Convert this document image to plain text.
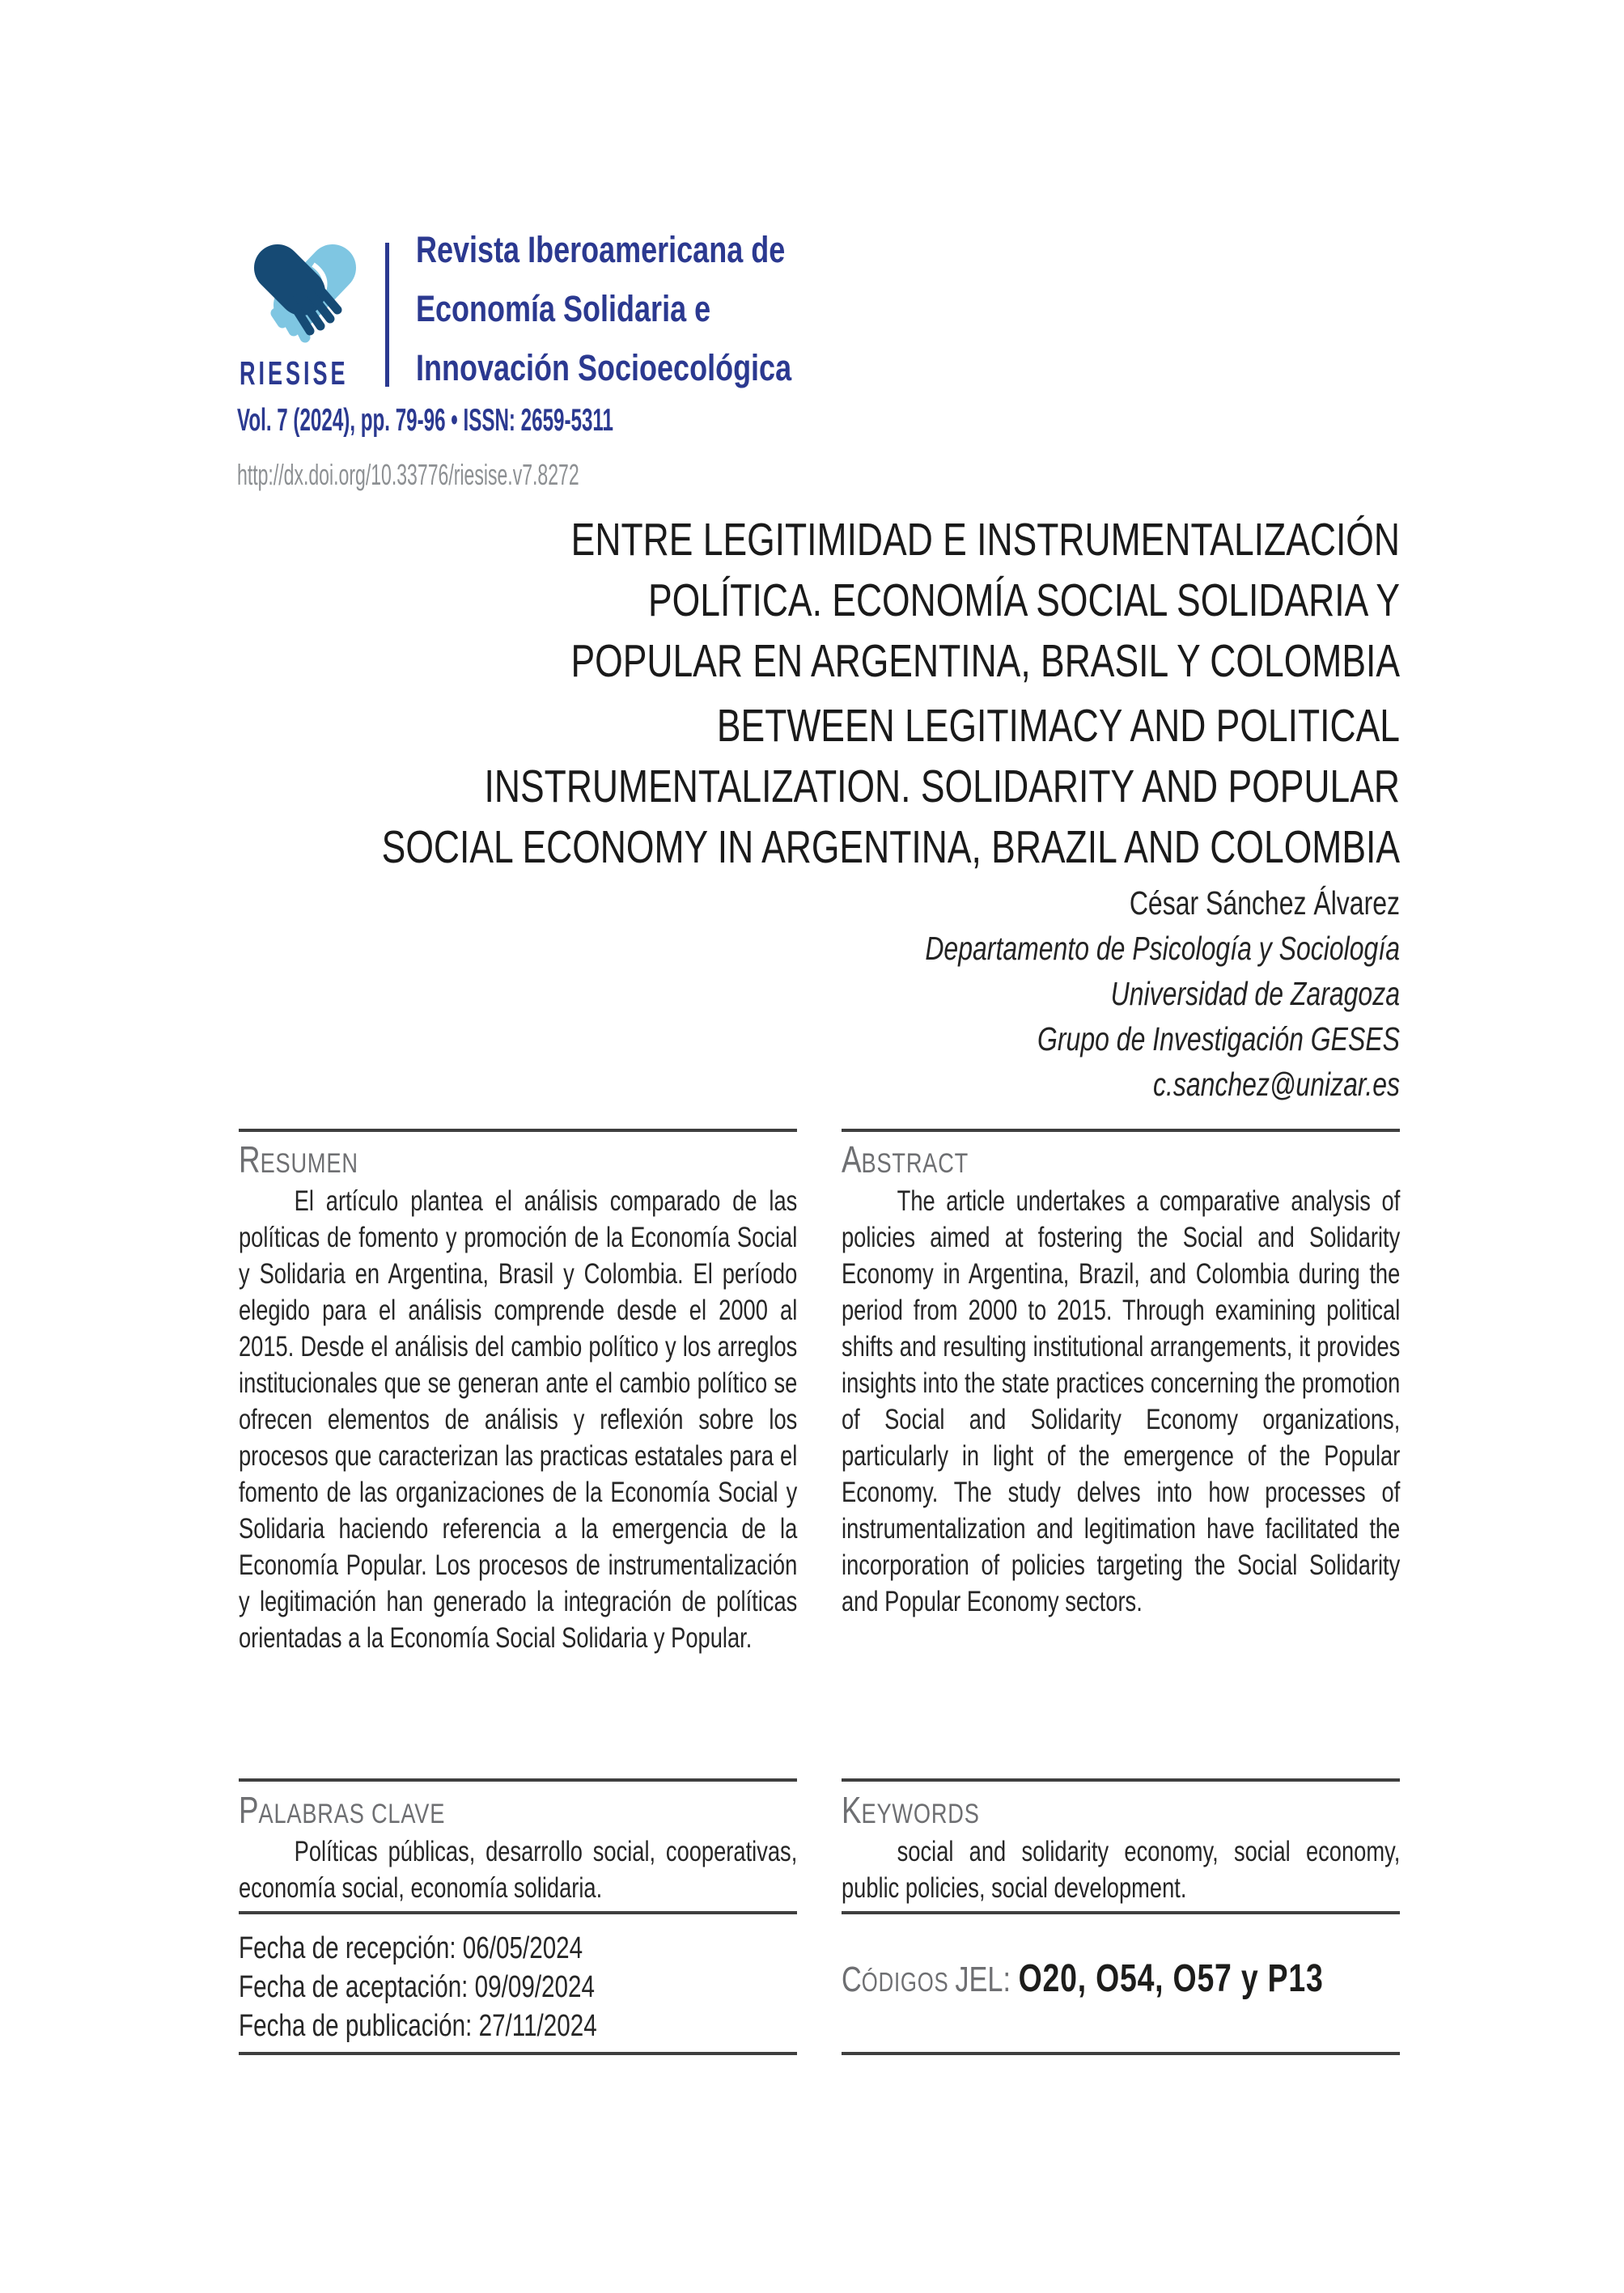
RIESISE
Revista Iberoamericana de
Economía Solidaria e
Innovación Socioecológica
Vol. 7 (2024), pp. 79-96 • ISSN: 2659-5311
http://dx.doi.org/10.33776/riesise.v7.8272
ENTRE LEGITIMIDAD E INSTRUMENTALIZACIÓN
POLÍTICA. ECONOMÍA SOCIAL SOLIDARIA Y
POPULAR EN ARGENTINA, BRASIL Y COLOMBIA
BETWEEN LEGITIMACY AND POLITICAL
INSTRUMENTALIZATION. SOLIDARITY AND POPULAR
SOCIAL ECONOMY IN ARGENTINA, BRAZIL AND COLOMBIA
César Sánchez Álvarez
Departamento de Psicología y Sociología
Universidad de Zaragoza
Grupo de Investigación GESES
c.sanchez@unizar.es
RESUMEN
El artículo plantea el análisis comparado de las políticas de fomento y promoción de la Economía Social y Solidaria en Argentina, Brasil y Colombia. El período elegido para el análisis comprende desde el 2000 al 2015. Desde el análisis del cambio político y los arreglos institucionales que se generan ante el cambio político se ofrecen elementos de análisis y reflexión sobre los procesos que caracterizan las practicas estatales para el fomento de las organizaciones de la Economía Social y Solidaria haciendo referencia a la emergencia de la Economía Popular. Los procesos de instrumentalización y legitimación han generado la integración de políticas orientadas a la Economía Social Solidaria y Popular.
ABSTRACT
The article undertakes a comparative analysis of policies aimed at fostering the Social and Solidarity Economy in Argentina, Brazil, and Colombia during the period from 2000 to 2015. Through examining political shifts and resulting institutional arrangements, it provides insights into the state practices concerning the promotion of Social and Solidarity Economy organizations, particularly in light of the emergence of the Popular Economy. The study delves into how processes of instrumentalization and legitimation have facilitated the incorporation of policies targeting the Social Solidarity and Popular Economy sectors.
PALABRAS CLAVE
Políticas públicas, desarrollo social, cooperativas, economía social, economía solidaria.
KEYWORDS
social and solidarity economy, social economy, public policies, social development.
Fecha de recepción: 06/05/2024
Fecha de aceptación: 09/09/2024
Fecha de publicación: 27/11/2024
CÓDIGOS JEL: O20, O54, O57 y P13
